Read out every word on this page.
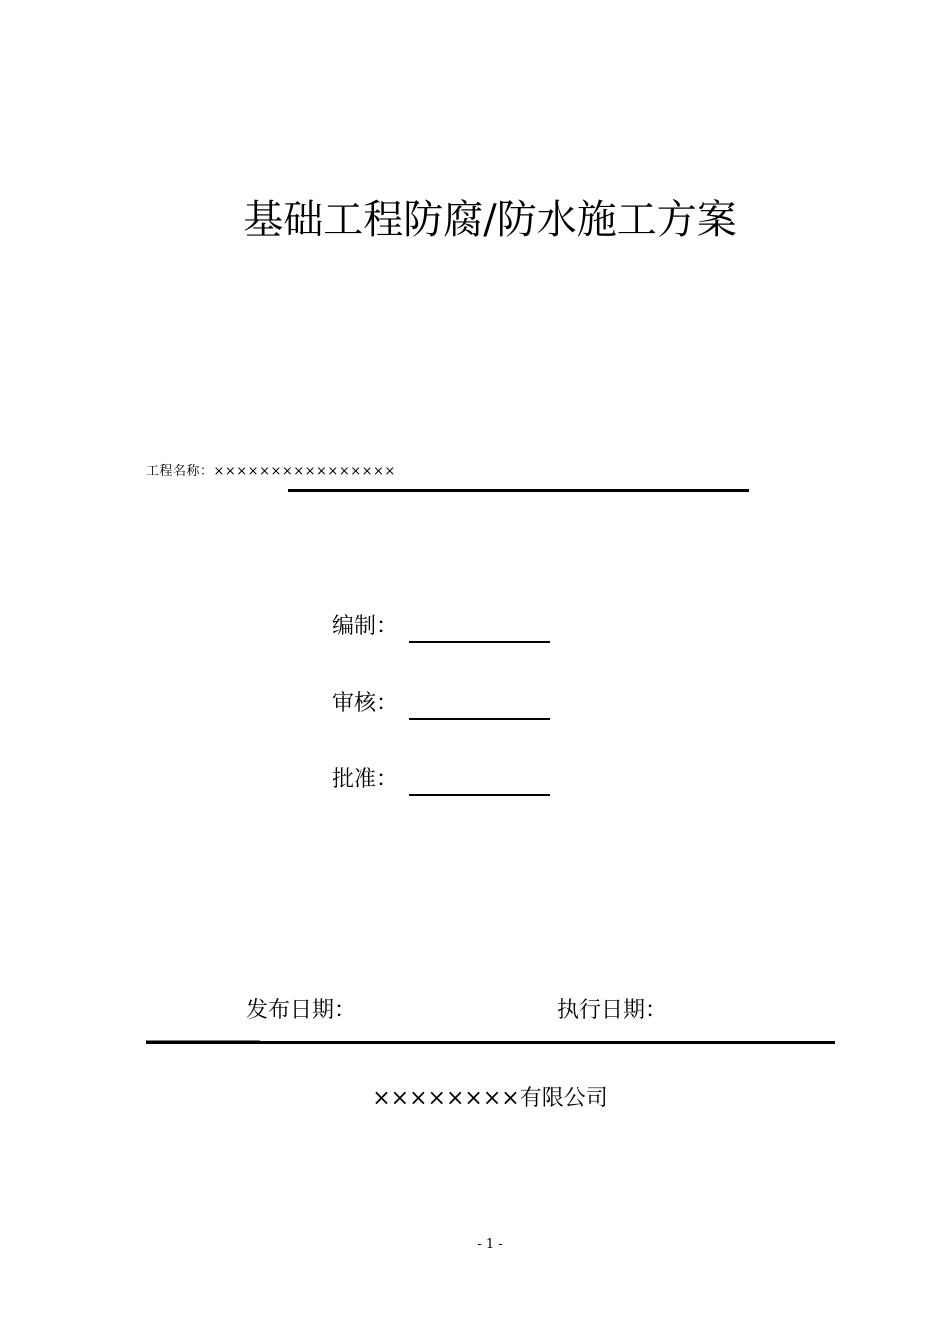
基础工程防腐/防水施工方案
工程名称：××××××××××××××××
编制：
审核：
批准：
发布日期：	执行日期：
××××××××有限公司
- 1 -
